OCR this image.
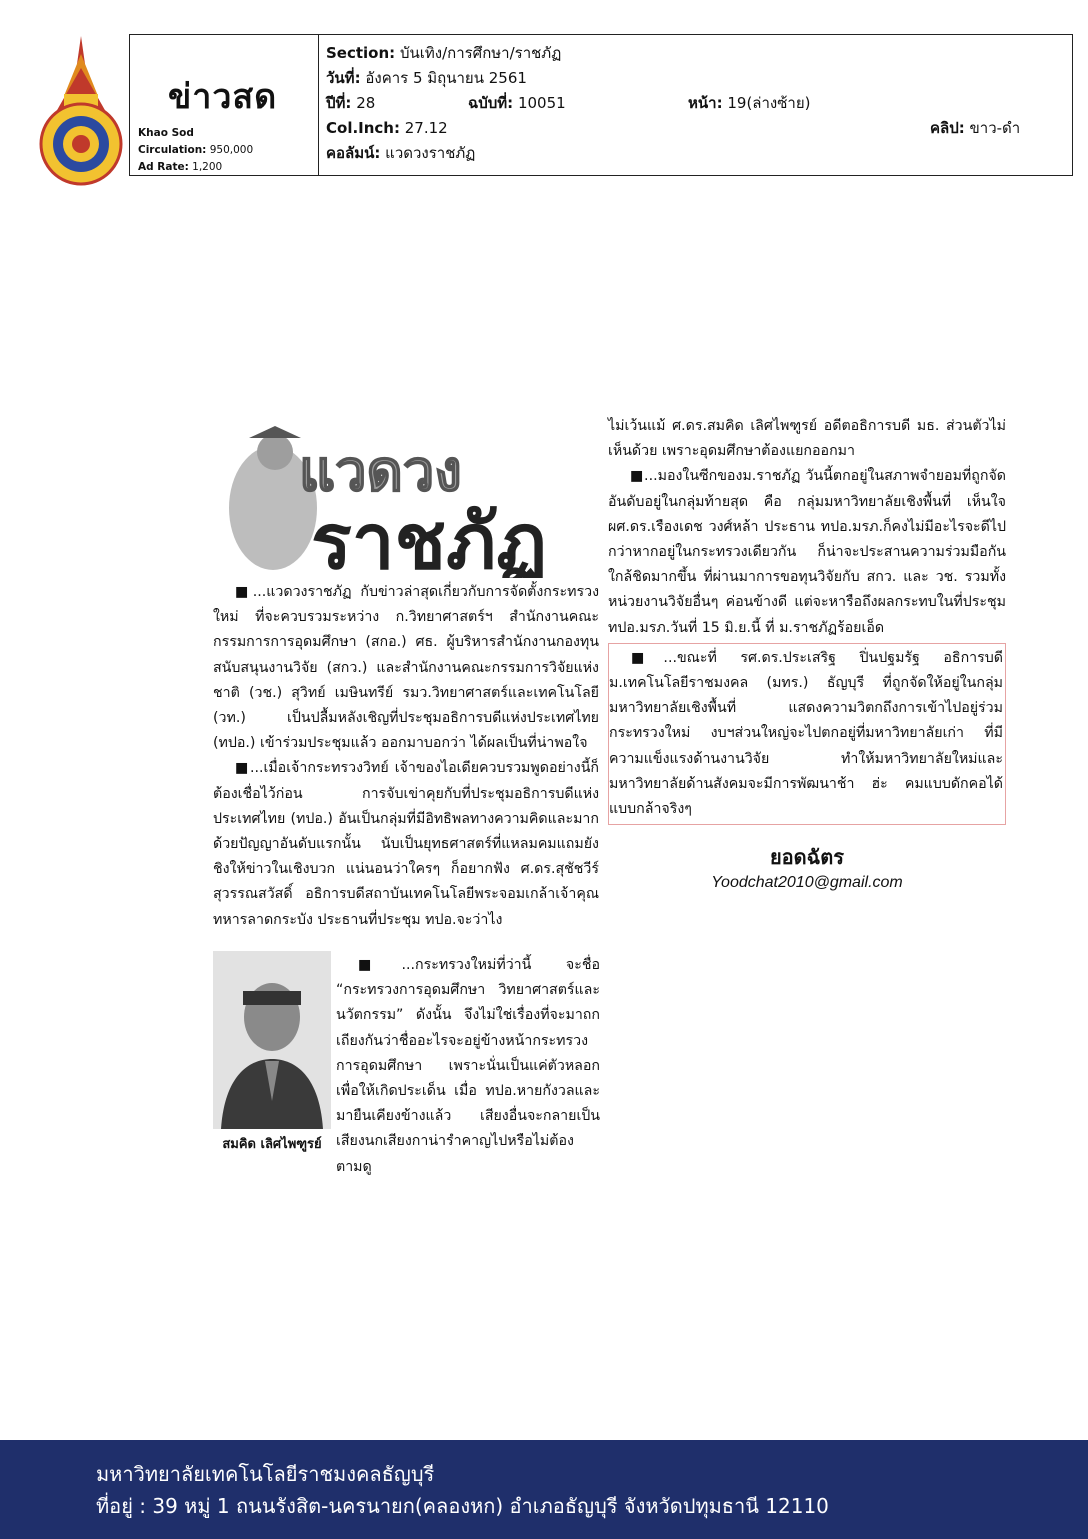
ข่าวสด
Khao Sod
Circulation: 950,000
Ad Rate: 1,200
Section: บันเทิง/การศึกษา/ราชภัฏ
วันที่: อังคาร 5 มิถุนายน 2561
ปีที่: 28	ฉบับที่: 10051	หน้า: 19(ล่างซ้าย)
Col.Inch: 27.12	คลิป: ขาว-ดำ
คอลัมน์: แวดวงราชภัฏ
แวดวง
ราชภัฏ

■...แวดวงราชภัฏ กับข่าวล่าสุดเกี่ยวกับการจัดตั้งกระทรวงใหม่ ที่จะควบรวมระหว่าง ก.วิทยาศาสตร์ฯ สำนักงานคณะกรรมการการอุดมศึกษา (สกอ.) ศธ. ผู้บริหารสำนักงานกองทุนสนับสนุนงานวิจัย (สกว.) และสำนักงานคณะกรรมการวิจัยแห่งชาติ (วช.) สุวิทย์ เมษินทรีย์ รมว.วิทยาศาสตร์และเทคโนโลยี (วท.) เป็นปลื้มหลังเชิญที่ประชุมอธิการบดีแห่งประเทศไทย (ทปอ.) เข้าร่วมประชุมแล้ว ออกมาบอกว่า ได้ผลเป็นที่น่าพอใจ

■...เมื่อเจ้ากระทรวงวิทย์ เจ้าของไอเดียควบรวมพูดอย่างนี้ก็ต้องเชื่อไว้ก่อน การจับเข่าคุยกับที่ประชุมอธิการบดีแห่งประเทศไทย (ทปอ.) อันเป็นกลุ่มที่มีอิทธิพลทางความคิดและมากด้วยปัญญาอันดับแรกนั้น นับเป็นยุทธศาสตร์ที่แหลมคมแถมยังชิงให้ข่าวในเชิงบวก แน่นอนว่าใครๆ ก็อยากฟัง ศ.ดร.สุชัชวีร์ สุวรรณสวัสดิ์ อธิการบดีสถาบันเทคโนโลยีพระจอมเกล้าเจ้าคุณทหารลาดกระบัง ประธานที่ประชุม ทปอ.จะว่าไง

สมคิด เลิศไพฑูรย์

■...กระทรวงใหม่ที่ว่านี้ จะชื่อ “กระทรวงการอุดมศึกษา วิทยาศาสตร์และนวัตกรรม” ดังนั้น จึงไม่ใช่เรื่องที่จะมาถกเถียงกันว่าชื่ออะไรจะอยู่ข้างหน้ากระทรวงการอุดมศึกษา เพราะนั่นเป็นแค่ตัวหลอกเพื่อให้เกิดประเด็น เมื่อ ทปอ.หายกังวลและมายืนเคียงข้างแล้ว เสียงอื่นจะกลายเป็นเสียงนกเสียงกาน่ารำคาญไปหรือไม่ต้องตามดู

ไม่เว้นแม้ ศ.ดร.สมคิด เลิศไพฑูรย์ อดีตอธิการบดี มธ. ส่วนตัวไม่เห็นด้วย เพราะอุดมศึกษาต้องแยกออกมา

■...มองในซีกของม.ราชภัฏ วันนี้ตกอยู่ในสภาพจำยอมที่ถูกจัดอันดับอยู่ในกลุ่มท้ายสุด คือ กลุ่มมหาวิทยาลัยเชิงพื้นที่ เห็นใจ ผศ.ดร.เรืองเดช วงศ์หล้า ประธาน ทปอ.มรภ.ก็คงไม่มีอะไรจะดีไปกว่าหากอยู่ในกระทรวงเดียวกัน ก็น่าจะประสานความร่วมมือกันใกล้ชิดมากขึ้น ที่ผ่านมาการขอทุนวิจัยกับ สกว. และ วช. รวมทั้งหน่วยงานวิจัยอื่นๆ ค่อนข้างดี แต่จะหารือถึงผลกระทบในที่ประชุม ทปอ.มรภ.วันที่ 15 มิ.ย.นี้ ที่ ม.ราชภัฏร้อยเอ็ด

■...ขณะที่ รศ.ดร.ประเสริฐ ปิ่นปฐมรัฐ อธิการบดี ม.เทคโนโลยีราชมงคล (มทร.) ธัญบุรี ที่ถูกจัดให้อยู่ในกลุ่มมหาวิทยาลัยเชิงพื้นที่ แสดงความวิตกถึงการเข้าไปอยู่ร่วมกระทรวงใหม่ งบฯส่วนใหญ่จะไปตกอยู่ที่มหาวิทยาลัยเก่า ที่มีความแข็งแรงด้านงานวิจัย ทำให้มหาวิทยาลัยใหม่และมหาวิทยาลัยด้านสังคมจะมีการพัฒนาช้า ฮ่ะ คมแบบดักคอได้แบบกล้าจริงๆ

ยอดฉัตร
Yoodchat2010@gmail.com
มหาวิทยาลัยเทคโนโลยีราชมงคลธัญบุรี
ที่อยู่ : 39 หมู่ 1 ถนนรังสิต-นครนายก(คลองหก) อำเภอธัญบุรี จังหวัดปทุมธานี 12110
